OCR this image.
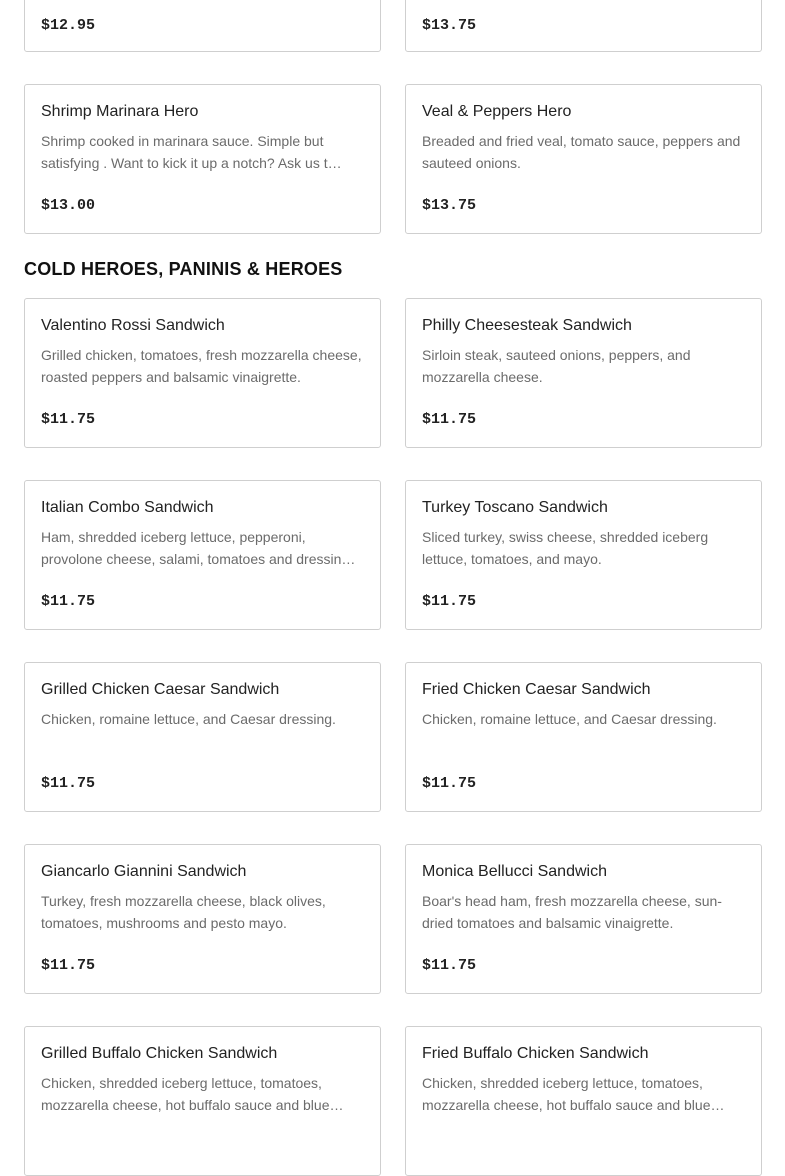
$12.95	$13.75
Shrimp Marinara Hero
Shrimp cooked in marinara sauce. Simple but satisfying . Want to kick it up a notch? Ask us t…
$13.00
Veal & Peppers Hero
Breaded and fried veal, tomato sauce, peppers and sauteed onions.
$13.75
COLD HEROES, PANINIS & HEROES
Valentino Rossi Sandwich
Grilled chicken, tomatoes, fresh mozzarella cheese, roasted peppers and balsamic vinaigrette.
$11.75
Philly Cheesesteak Sandwich
Sirloin steak, sauteed onions, peppers, and mozzarella cheese.
$11.75
Italian Combo Sandwich
Ham, shredded iceberg lettuce, pepperoni, provolone cheese, salami, tomatoes and dressin…
$11.75
Turkey Toscano Sandwich
Sliced turkey, swiss cheese, shredded iceberg lettuce, tomatoes, and mayo.
$11.75
Grilled Chicken Caesar Sandwich
Chicken, romaine lettuce, and Caesar dressing.
$11.75
Fried Chicken Caesar Sandwich
Chicken, romaine lettuce, and Caesar dressing.
$11.75
Giancarlo Giannini Sandwich
Turkey, fresh mozzarella cheese, black olives, tomatoes, mushrooms and pesto mayo.
$11.75
Monica Bellucci Sandwich
Boar's head ham, fresh mozzarella cheese, sun-dried tomatoes and balsamic vinaigrette.
$11.75
Grilled Buffalo Chicken Sandwich
Chicken, shredded iceberg lettuce, tomatoes, mozzarella cheese, hot buffalo sauce and blue…
Fried Buffalo Chicken Sandwich
Chicken, shredded iceberg lettuce, tomatoes, mozzarella cheese, hot buffalo sauce and blue…
